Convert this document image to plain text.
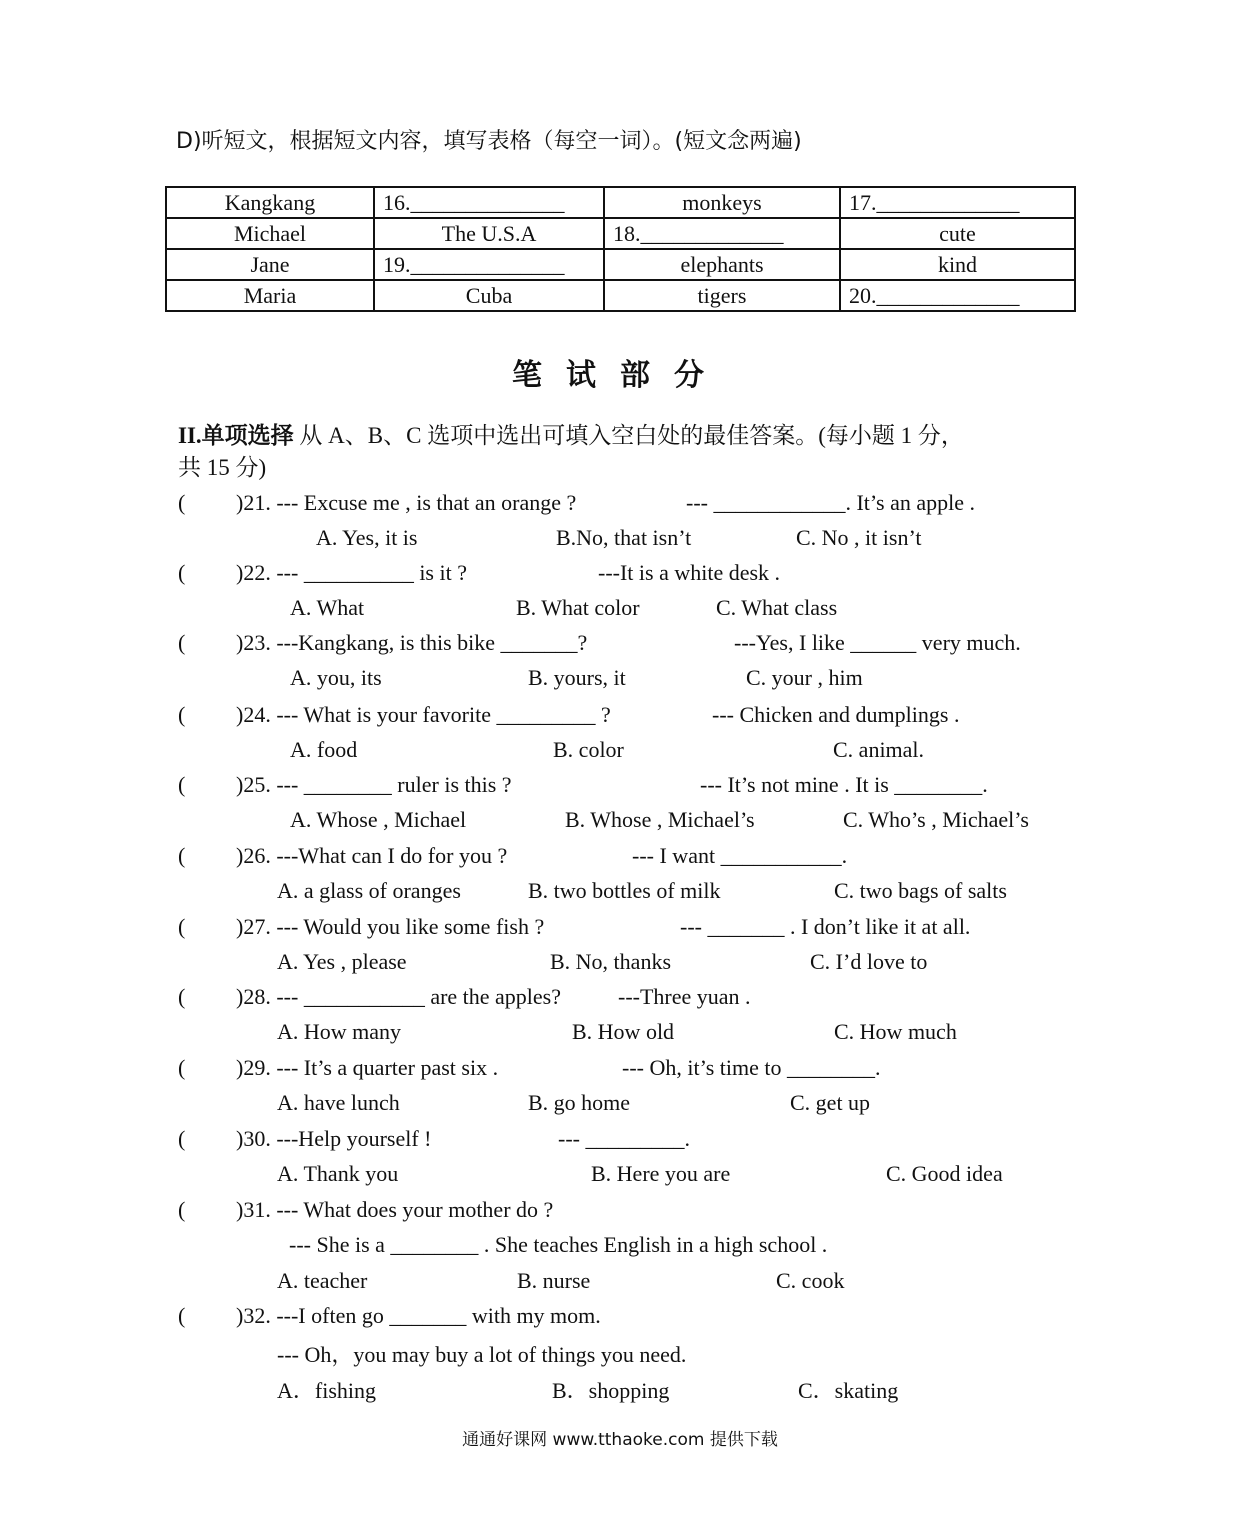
D)听短文，根据短文内容，填写表格（每空一词）。(短文念两遍)
Kangkang	16.______________	monkeys	17._____________
Michael	The U.S.A	18._____________	cute
Jane	19.______________	elephants	kind
Maria	Cuba	tigers	20._____________
笔试部分
II.单项选择 从 A、B、C 选项中选出可填入空白处的最佳答案。(每小题 1 分，
共 15 分)
( )21. --- Excuse me , is that an orange ?	--- ____________. It’s an apple .
A. Yes, it is	B.No, that isn’t	C. No , it isn’t
( )22. --- __________ is it ?	---It is a white desk .
A. What	B. What color	C. What class
( )23. ---Kangkang, is this bike _______?	---Yes, I like ______ very much.
A. you, its	B. yours, it	C. your , him
( )24. --- What is your favorite _________ ?	--- Chicken and dumplings .
A. food	B. color	C. animal.
( )25. --- ________ ruler is this ?	--- It’s not mine . It is ________.
A. Whose , Michael	B. Whose , Michael’s	C. Who’s , Michael’s
( )26. ---What can I do for you ?	--- I want ___________.
A. a glass of oranges	B. two bottles of milk	C. two bags of salts
( )27. --- Would you like some fish ?	--- _______ . I don’t like it at all.
A. Yes , please	B. No, thanks	C. I’d love to
( )28. --- ___________ are the apples?	---Three yuan .
A. How many	B. How old	C. How much
( )29. --- It’s a quarter past six .	--- Oh, it’s time to ________.
A. have lunch	B. go home	C. get up
( )30. ---Help yourself !	--- _________.
A. Thank you	B. Here you are	C. Good idea
( )31. --- What does your mother do ?
--- She is a ________ . She teaches English in a high school .
A. teacher	B. nurse	C. cook
( )32. ---I often go _______ with my mom.
--- Oh，you may buy a lot of things you need.
A．fishing	B．shopping	C．skating
通通好课网 www.tthaoke.com 提供下载
